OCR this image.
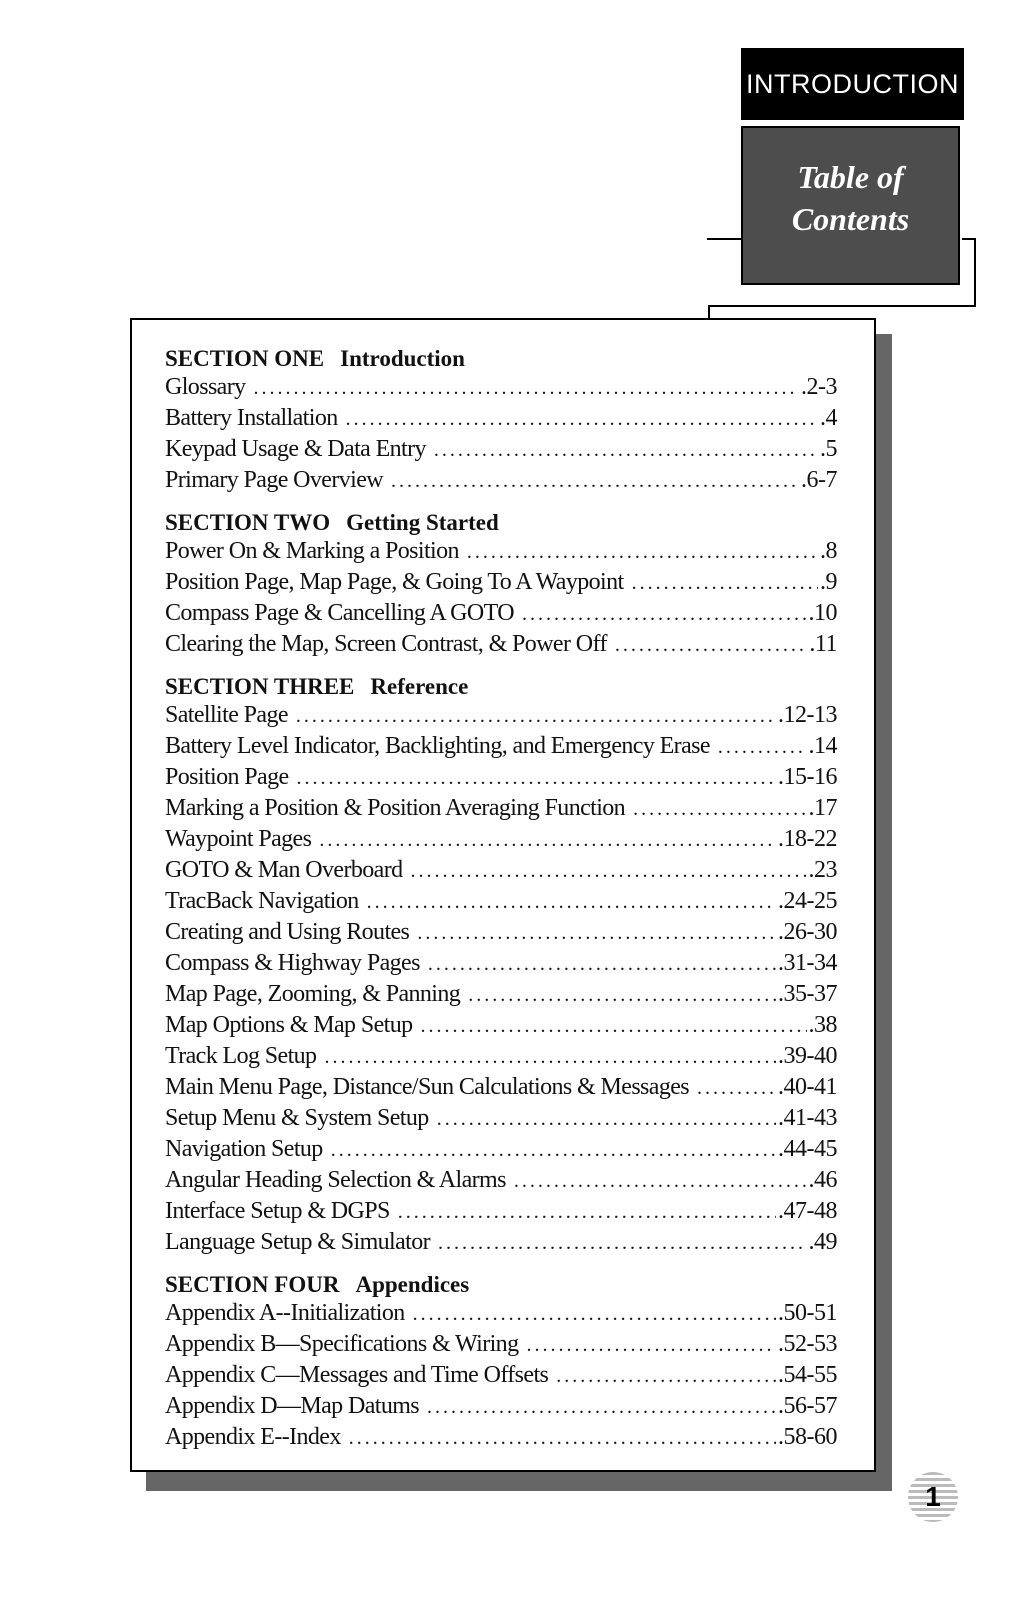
INTRODUCTION
Table of
Contents
SECTION ONE Introduction
Glossary . . .	.2-3
Battery Installation . . .	.4
Keypad Usage & Data Entry . . .	.5
Primary Page Overview . . .	.6-7
SECTION TWO Getting Started
Power On & Marking a Position . . .	.8
Position Page, Map Page, & Going To A Waypoint . . .	.9
Compass Page & Cancelling A GOTO . . .	.10
Clearing the Map, Screen Contrast, & Power Off . . .	.11
SECTION THREE Reference
Satellite Page . . .	.12-13
Battery Level Indicator, Backlighting, and Emergency Erase . . .	.14
Position Page . . .	.15-16
Marking a Position & Position Averaging Function . . .	.17
Waypoint Pages . . .	.18-22
GOTO & Man Overboard . . .	.23
TracBack Navigation . . .	.24-25
Creating and Using Routes . . .	.26-30
Compass & Highway Pages . . .	.31-34
Map Page, Zooming, & Panning . . .	.35-37
Map Options & Map Setup . . .	.38
Track Log Setup . . .	.39-40
Main Menu Page, Distance/Sun Calculations & Messages . . .	.40-41
Setup Menu & System Setup . . .	.41-43
Navigation Setup . . .	.44-45
Angular Heading Selection & Alarms . . .	.46
Interface Setup & DGPS . . .	.47-48
Language Setup & Simulator . . .	.49
SECTION FOUR Appendices
Appendix A--Initialization . . .	.50-51
Appendix B—Specifications & Wiring . . .	.52-53
Appendix C—Messages and Time Offsets . . .	.54-55
Appendix D—Map Datums . . .	.56-57
Appendix E--Index . . .	.58-60
1
